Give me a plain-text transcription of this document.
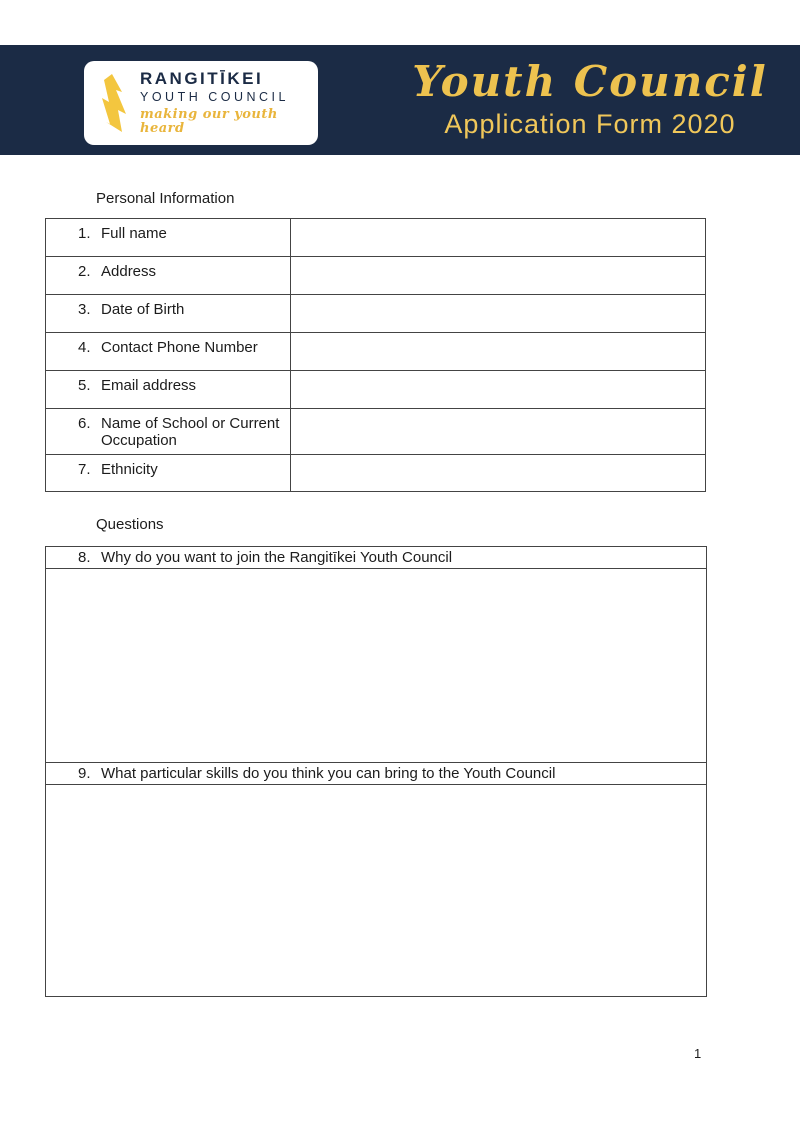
RANGITĪKEI
YOUTH COUNCIL
making our youth heard
Youth Council
Application Form 2020
Personal Information
1. Full name
2. Address
3. Date of Birth
4. Contact Phone Number
5. Email address
6. Name of School or Current Occupation
7. Ethnicity
Questions
8. Why do you want to join the Rangitīkei Youth Council
9. What particular skills do you think you can bring to the Youth Council
1
